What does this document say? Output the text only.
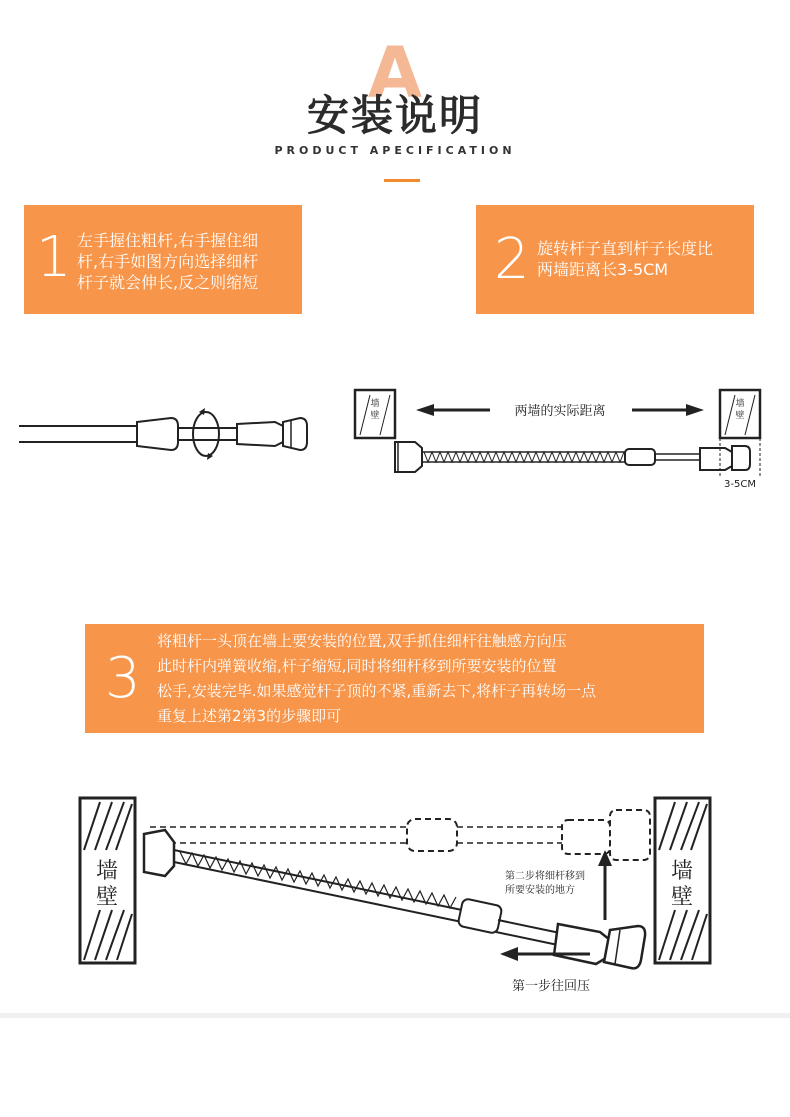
A
安装说明
PRODUCT APECIFICATION
1 左手握住粗杆,右手握住细
杆,右手如图方向选择细杆
杆子就会伸长,反之则缩短	2 旋转杆子直到杆子长度比
两墙距离长3-5CM
墙
壁
墙
壁
两墙的实际距离
3-5CM
3
将粗杆一头顶在墙上要安装的位置,双手抓住细杆往触感方向压
此时杆内弹簧收缩,杆子缩短,同时将细杆移到所要安装的位置
松手,安装完毕.如果感觉杆子顶的不紧,重新去下,将杆子再转场一点
重复上述第2第3的步骤即可
墙
壁
墙
壁
第二步将细杆移到
所要安装的地方
第一步往回压
